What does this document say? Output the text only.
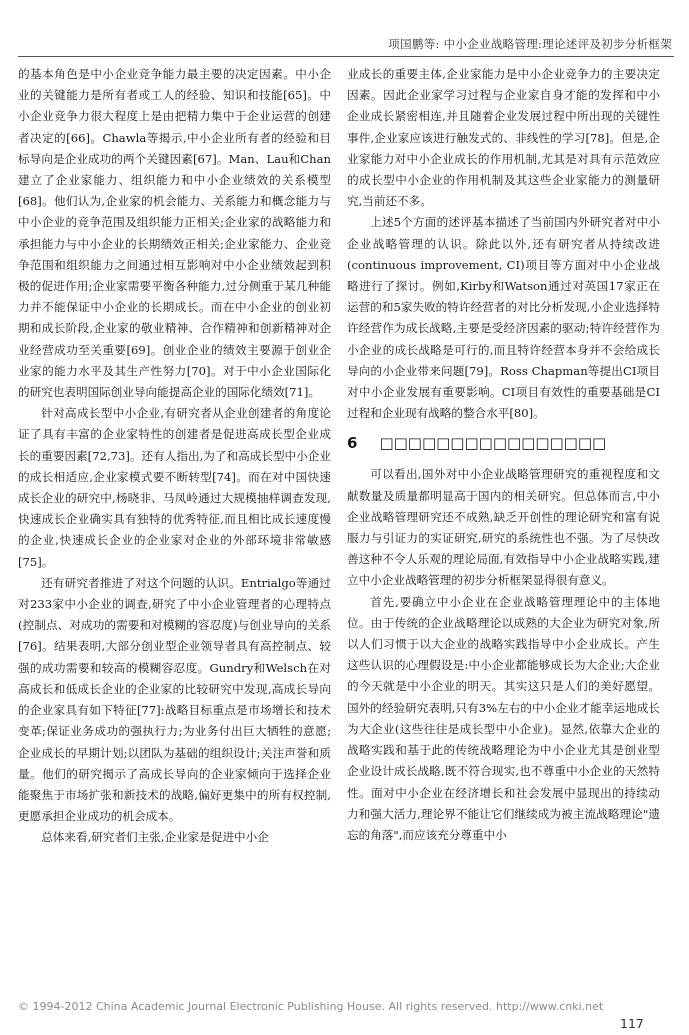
项国鹏等: 中小企业战略管理:理论述评及初步分析框架

的基本角色是中小企业竞争能力最主要的决定因素。中小企业的关键能力是所有者或工人的经验、知识和技能[65]。中小企业竞争力很大程度上是由把精力集中于企业运营的创建者决定的[66]。Chawla等揭示,中小企业所有者的经验和目标导向是企业成功的两个关键因素[67]。Man、Lau和Chan建立了企业家能力、组织能力和中小企业绩效的关系模型[68]。他们认为,企业家的机会能力、关系能力和概念能力与中小企业的竞争范围及组织能力正相关;企业家的战略能力和承担能力与中小企业的长期绩效正相关;企业家能力、企业竞争范围和组织能力之间通过相互影响对中小企业绩效起到积极的促进作用;企业家需要平衡各种能力,过分侧重于某几种能力并不能保证中小企业的长期成长。而在中小企业的创业初期和成长阶段,企业家的敬业精神、合作精神和创新精神对企业经营成功至关重要[69]。创业企业的绩效主要源于创业企业家的能力水平及其生产性努力[70]。对于中小企业国际化的研究也表明国际创业导向能提高企业的国际化绩效[71]。

针对高成长型中小企业,有研究者从企业创建者的角度论证了具有丰富的企业家特性的创建者是促进高成长型企业成长的重要因素[72,73]。还有人指出,为了和高成长型中小企业的成长相适应,企业家模式要不断转型[74]。而在对中国快速成长企业的研究中,杨晓非、马凤岭通过大规模抽样调查发现,快速成长企业确实具有独特的优秀特征,而且相比成长速度慢的企业,快速成长企业的企业家对企业的外部环境非常敏感[75]。

还有研究者推进了对这个问题的认识。Entrialgo等通过对233家中小企业的调查,研究了中小企业管理者的心理特点(控制点、对成功的需要和对模糊的容忍度)与创业导向的关系[76]。结果表明,大部分创业型企业领导者具有高控制点、较强的成功需要和较高的模糊容忍度。Gundry和Welsch在对高成长和低成长企业的企业家的比较研究中发现,高成长导向的企业家具有如下特征[77]:战略目标重点是市场增长和技术变革;保证业务成功的强执行力;为业务付出巨大牺牲的意愿;企业成长的早期计划;以团队为基础的组织设计;关注声誉和质量。他们的研究揭示了高成长导向的企业家倾向于选择企业能聚焦于市场扩张和新技术的战略,偏好更集中的所有权控制,更愿承担企业成功的机会成本。

总体来看,研究者们主张,企业家是促进中小企

业成长的重要主体,企业家能力是中小企业竞争力的主要决定因素。因此企业家学习过程与企业家自身才能的发挥和中小企业成长紧密相连,并且随着企业发展过程中所出现的关键性事件,企业家应该进行触发式的、非线性的学习[78]。但是,企业家能力对中小企业成长的作用机制,尤其是对具有示范效应的成长型中小企业的作用机制及其这些企业家能力的测量研究,当前还不多。

上述5个方面的述评基本描述了当前国内外研究者对中小企业战略管理的认识。除此以外,还有研究者从持续改进(continuous improvement, CI)项目等方面对中小企业战略进行了探讨。例如,Kirby和Watson通过对英国17家正在运营的和5家失败的特许经营者的对比分析发现,小企业选择特许经营作为成长战略,主要是受经济因素的驱动;特许经营作为小企业的成长战略是可行的,而且特许经营本身并不会给成长导向的小企业带来问题[79]。Ross Chapman等提出CI项目对中小企业发展有重要影响。CI项目有效性的重要基础是CI过程和企业现有战略的整合水平[80]。

6 □□□□□□□□□□□□□□□□

可以看出,国外对中小企业战略管理研究的重视程度和文献数量及质量都明显高于国内的相关研究。但总体而言,中小企业战略管理研究还不成熟,缺乏开创性的理论研究和富有说服力与引证力的实证研究,研究的系统性也不强。为了尽快改善这种不令人乐观的理论局面,有效指导中小企业战略实践,建立中小企业战略管理的初步分析框架显得很有意义。

首先,要确立中小企业在企业战略管理理论中的主体地位。由于传统的企业战略理论以成熟的大企业为研究对象,所以人们习惯于以大企业的战略实践指导中小企业成长。产生这些认识的心理假设是:中小企业都能够成长为大企业;大企业的今天就是中小企业的明天。其实这只是人们的美好愿望。国外的经验研究表明,只有3%左右的中小企业才能幸运地成长为大企业(这些往往是成长型中小企业)。显然,依靠大企业的战略实践和基于此的传统战略理论为中小企业尤其是创业型企业设计成长战略,既不符合现实,也不尊重中小企业的天然特性。面对中小企业在经济增长和社会发展中显现出的持续动力和强大活力,理论界不能让它们继续成为被主流战略理论"遗忘的角落",而应该充分尊重中小

© 1994-2012 China Academic Journal Electronic Publishing House. All rights reserved. http://www.cnki.net
117
